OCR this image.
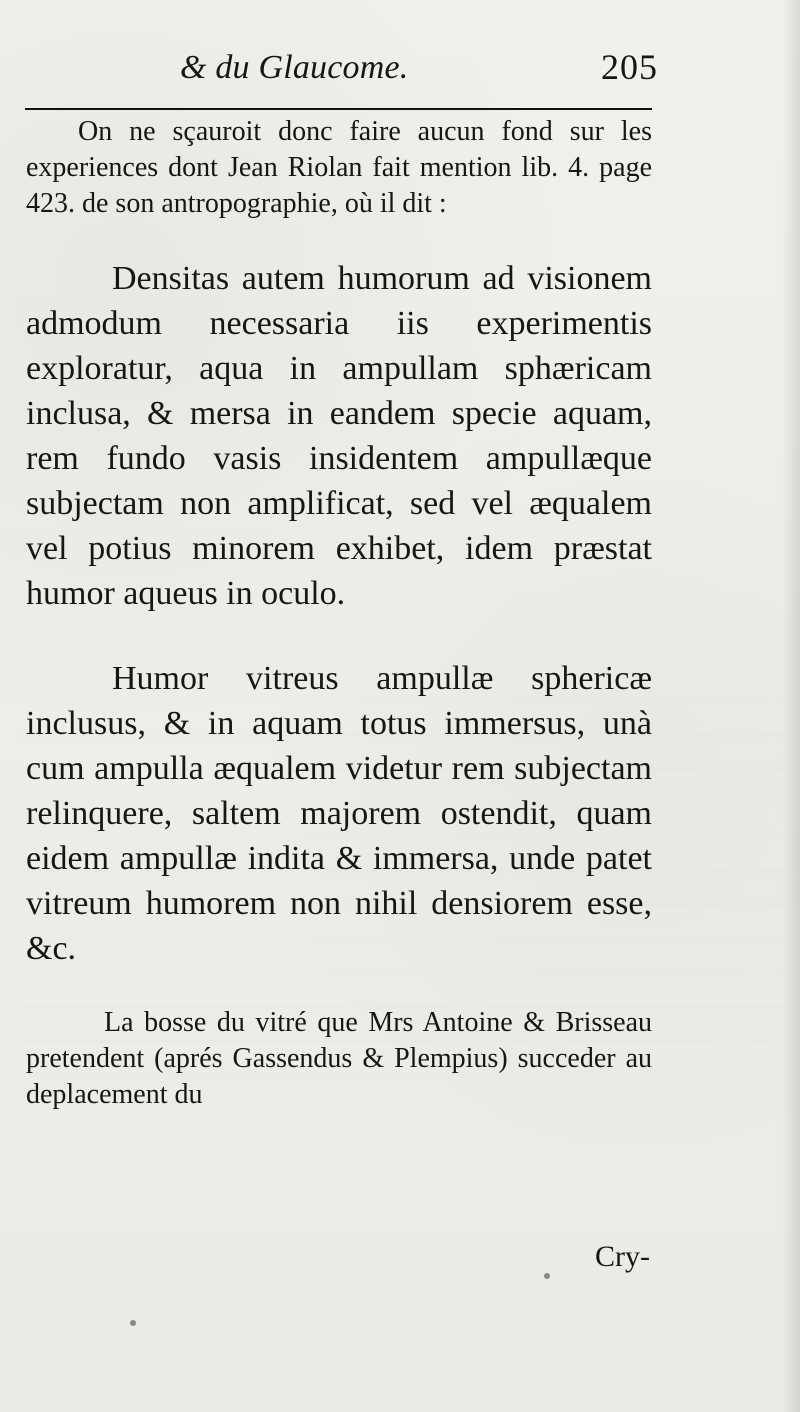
& du Glaucome.	205

On ne sçauroit donc faire aucun fond sur les experiences dont Jean Riolan fait mention lib. 4. page 423. de son antropographie, où il dit :

Densitas autem humorum ad visionem admodum necessaria iis experimentis exploratur, aqua in ampullam sphæricam inclusa, & mersa in eandem specie aquam, rem fundo vasis insidentem ampullæque subjectam non amplificat, sed vel æqualem vel potius minorem exhibet, idem præstat humor aqueus in oculo.

Humor vitreus ampullæ sphericæ inclusus, & in aquam totus immersus, unà cum ampulla æqualem videtur rem subjectam relinquere, saltem majorem ostendit, quam eidem ampullæ indita & immersa, unde patet vitreum humorem non nihil densiorem esse, &c.

La bosse du vitré que Mrs Antoine & Brisseau pretendent (aprés Gassendus & Plempius) succeder au deplacement du

Cry-
